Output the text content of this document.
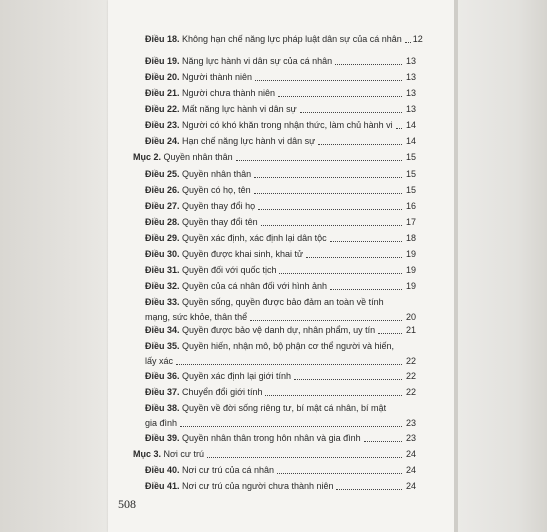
Điều 18. Không hạn chế năng lực pháp luật dân sự của cá nhân 12
Điều 19. Năng lực hành vi dân sự của cá nhân	13
Điều 20. Người thành niên	13
Điều 21. Người chưa thành niên	13
Điều 22. Mất năng lực hành vi dân sự	13
Điều 23. Người có khó khăn trong nhận thức, làm chủ hành vi 14
Điều 24. Hạn chế năng lực hành vi dân sự	14
Mục 2. Quyền nhân thân	15
Điều 25. Quyền nhân thân	15
Điều 26. Quyền có họ, tên	15
Điều 27. Quyền thay đổi họ	16
Điều 28. Quyền thay đổi tên	17
Điều 29. Quyền xác định, xác định lại dân tộc	18
Điều 30. Quyền được khai sinh, khai tử	19
Điều 31. Quyền đối với quốc tịch	19
Điều 32. Quyền của cá nhân đối với hình ảnh	19
Điều 33. Quyền sống, quyền được bảo đảm an toàn về tính
mạng, sức khỏe, thân thể	20
Điều 34. Quyền được bảo vệ danh dự, nhân phẩm, uy tín	21
Điều 35. Quyền hiến, nhận mô, bộ phận cơ thể người và hiến,
lấy xác	22
Điều 36. Quyền xác định lại giới tính	22
Điều 37. Chuyển đổi giới tính	22
Điều 38. Quyền về đời sống riêng tư, bí mật cá nhân, bí mật
gia đình	23
Điều 39. Quyền nhân thân trong hôn nhân và gia đình	23
Mục 3. Nơi cư trú	24
Điều 40. Nơi cư trú của cá nhân	24
Điều 41. Nơi cư trú của người chưa thành niên	24
508
